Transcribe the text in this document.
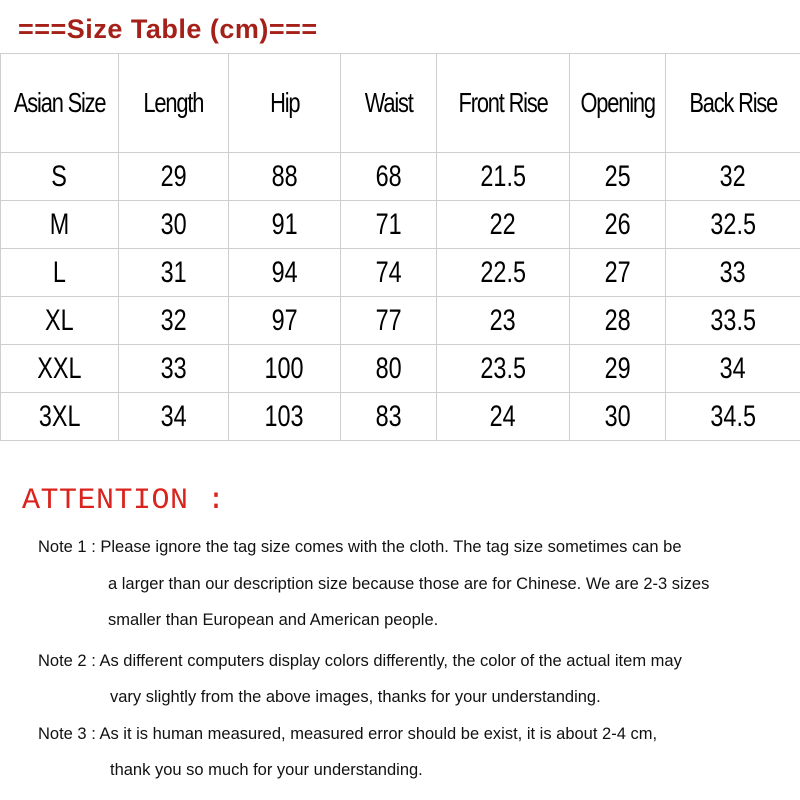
===Size Table (cm)===
Asian Size	Length	Hip	Waist	Front Rise	Opening	Back Rise
S	29	88	68	21.5	25	32
M	30	91	71	22	26	32.5
L	31	94	74	22.5	27	33
XL	32	97	77	23	28	33.5
XXL	33	100	80	23.5	29	34
3XL	34	103	83	24	30	34.5
ATTENTION :
Note 1 : Please ignore the tag size comes with the cloth. The tag size sometimes can be
a larger than our description size because those are for Chinese. We are 2-3 sizes
smaller than European and American people.
Note 2 : As different computers display colors differently, the color of the actual item may
vary slightly from the above images, thanks for your understanding.
Note 3 : As it is human measured, measured error should be exist, it is about 2-4 cm,
thank you so much for your understanding.
